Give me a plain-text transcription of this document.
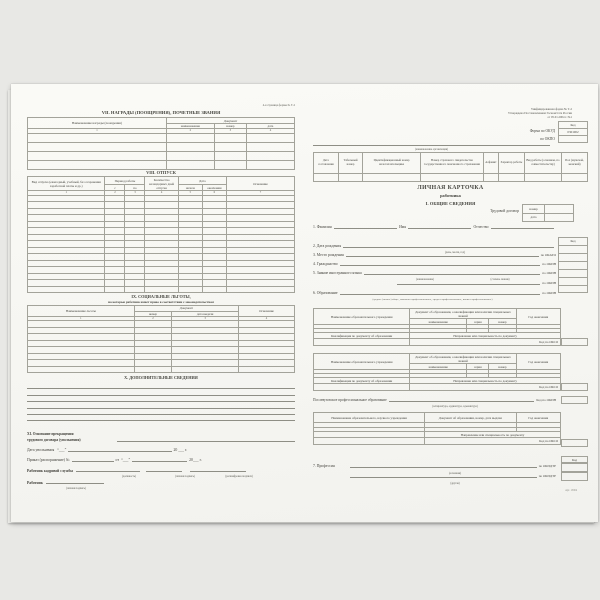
4-я страница формы № Т-2
VII. НАГРАДЫ (ПООЩРЕНИЯ), ПОЧЕТНЫЕ ЗВАНИЯ
Наименование награды (поощрения)	Документ		
	наименование	номер	дата
1	2	3	4

VIII. ОТПУСК
Вид отпуска (ежегодный, учебный, без сохранения заработной платы и др.)	Период работы		Количество календарных дней отпуска	Дата		Основание
	с	по		начала	окончания	
1	2	3	4	5	6	7

IX. СОЦИАЛЬНЫЕ ЛЬГОТЫ,
на которые работник имеет право в соответствии с законодательством
Наименование льготы	Документ		Основание
	номер	дата выдачи	
1	2	3	4

X. ДОПОЛНИТЕЛЬНЫЕ СВЕДЕНИЯ
XI. Основание прекращения
трудового договора (увольнения)
Дата увольнения “___”	20 ___ г.
Приказ (распоряжение) №	от “___”	20___ г.
Работник кадровой службы
(должность)	(личная подпись)	(расшифровка подписи)
Работник
(личная подпись)
Унифицированная форма № Т-2
Утверждена Постановлением Госкомстата России
от 05.01.2004 г. №1
Код
0301002
Форма по ОКУД
по ОКПО
(наименование организации)
Дата составления	Табельный номер	Идентификационный номер налогоплательщика	Номер страхового свидетельства государственного пенсионного страхования	Алфавит	Характер работы	Вид работы (основная, по совместительству)	Пол (мужской, женский)

ЛИЧНАЯ КАРТОЧКА
работника
I. ОБЩИЕ СВЕДЕНИЯ
Трудовой договор	номер
дата
1. Фамилия	Имя	Отчество
Код
2. Дата рождения
(день, месяц, год)
3. Место рождения	по ОКАТО
4. Гражданство	по ОКИН
5. Знание иностранного языка	по ОКИН
(наименование)	(степень знания)
по ОКИН
6. Образование	по ОКИН
(среднее (полное) общее, начальное профессиональное, среднее профессиональное, высшее профессиональное)
Наименование образовательного учреждения	Документ об образовании, о квалификации или наличии специальных знаний			Год окончания
	наименование	серия	номер	

Квалификация по документу об образовании	Направление или специальность по документу			
	Код по ОКСО			
Наименование образовательного учреждения	Документ об образовании, о квалификации или наличии специальных знаний			Год окончания
	наименование	серия	номер	

Квалификация по документу об образовании	Направление или специальность по документу			
	Код по ОКСО			
Послевузовское профессиональное образование	Код по ОКИН
(аспирантура, ординатура, адъюнктура)
Наименование образовательного, научного учреждения	Документ об образовании, номер, дата выдачи	Год окончания

	Направление или специальность по документу	
	Код по ОКСО	
Код
7. Профессия	по ОКПДТР
(основная)
по ОКПДТР
(другая)
Арт. 13004
